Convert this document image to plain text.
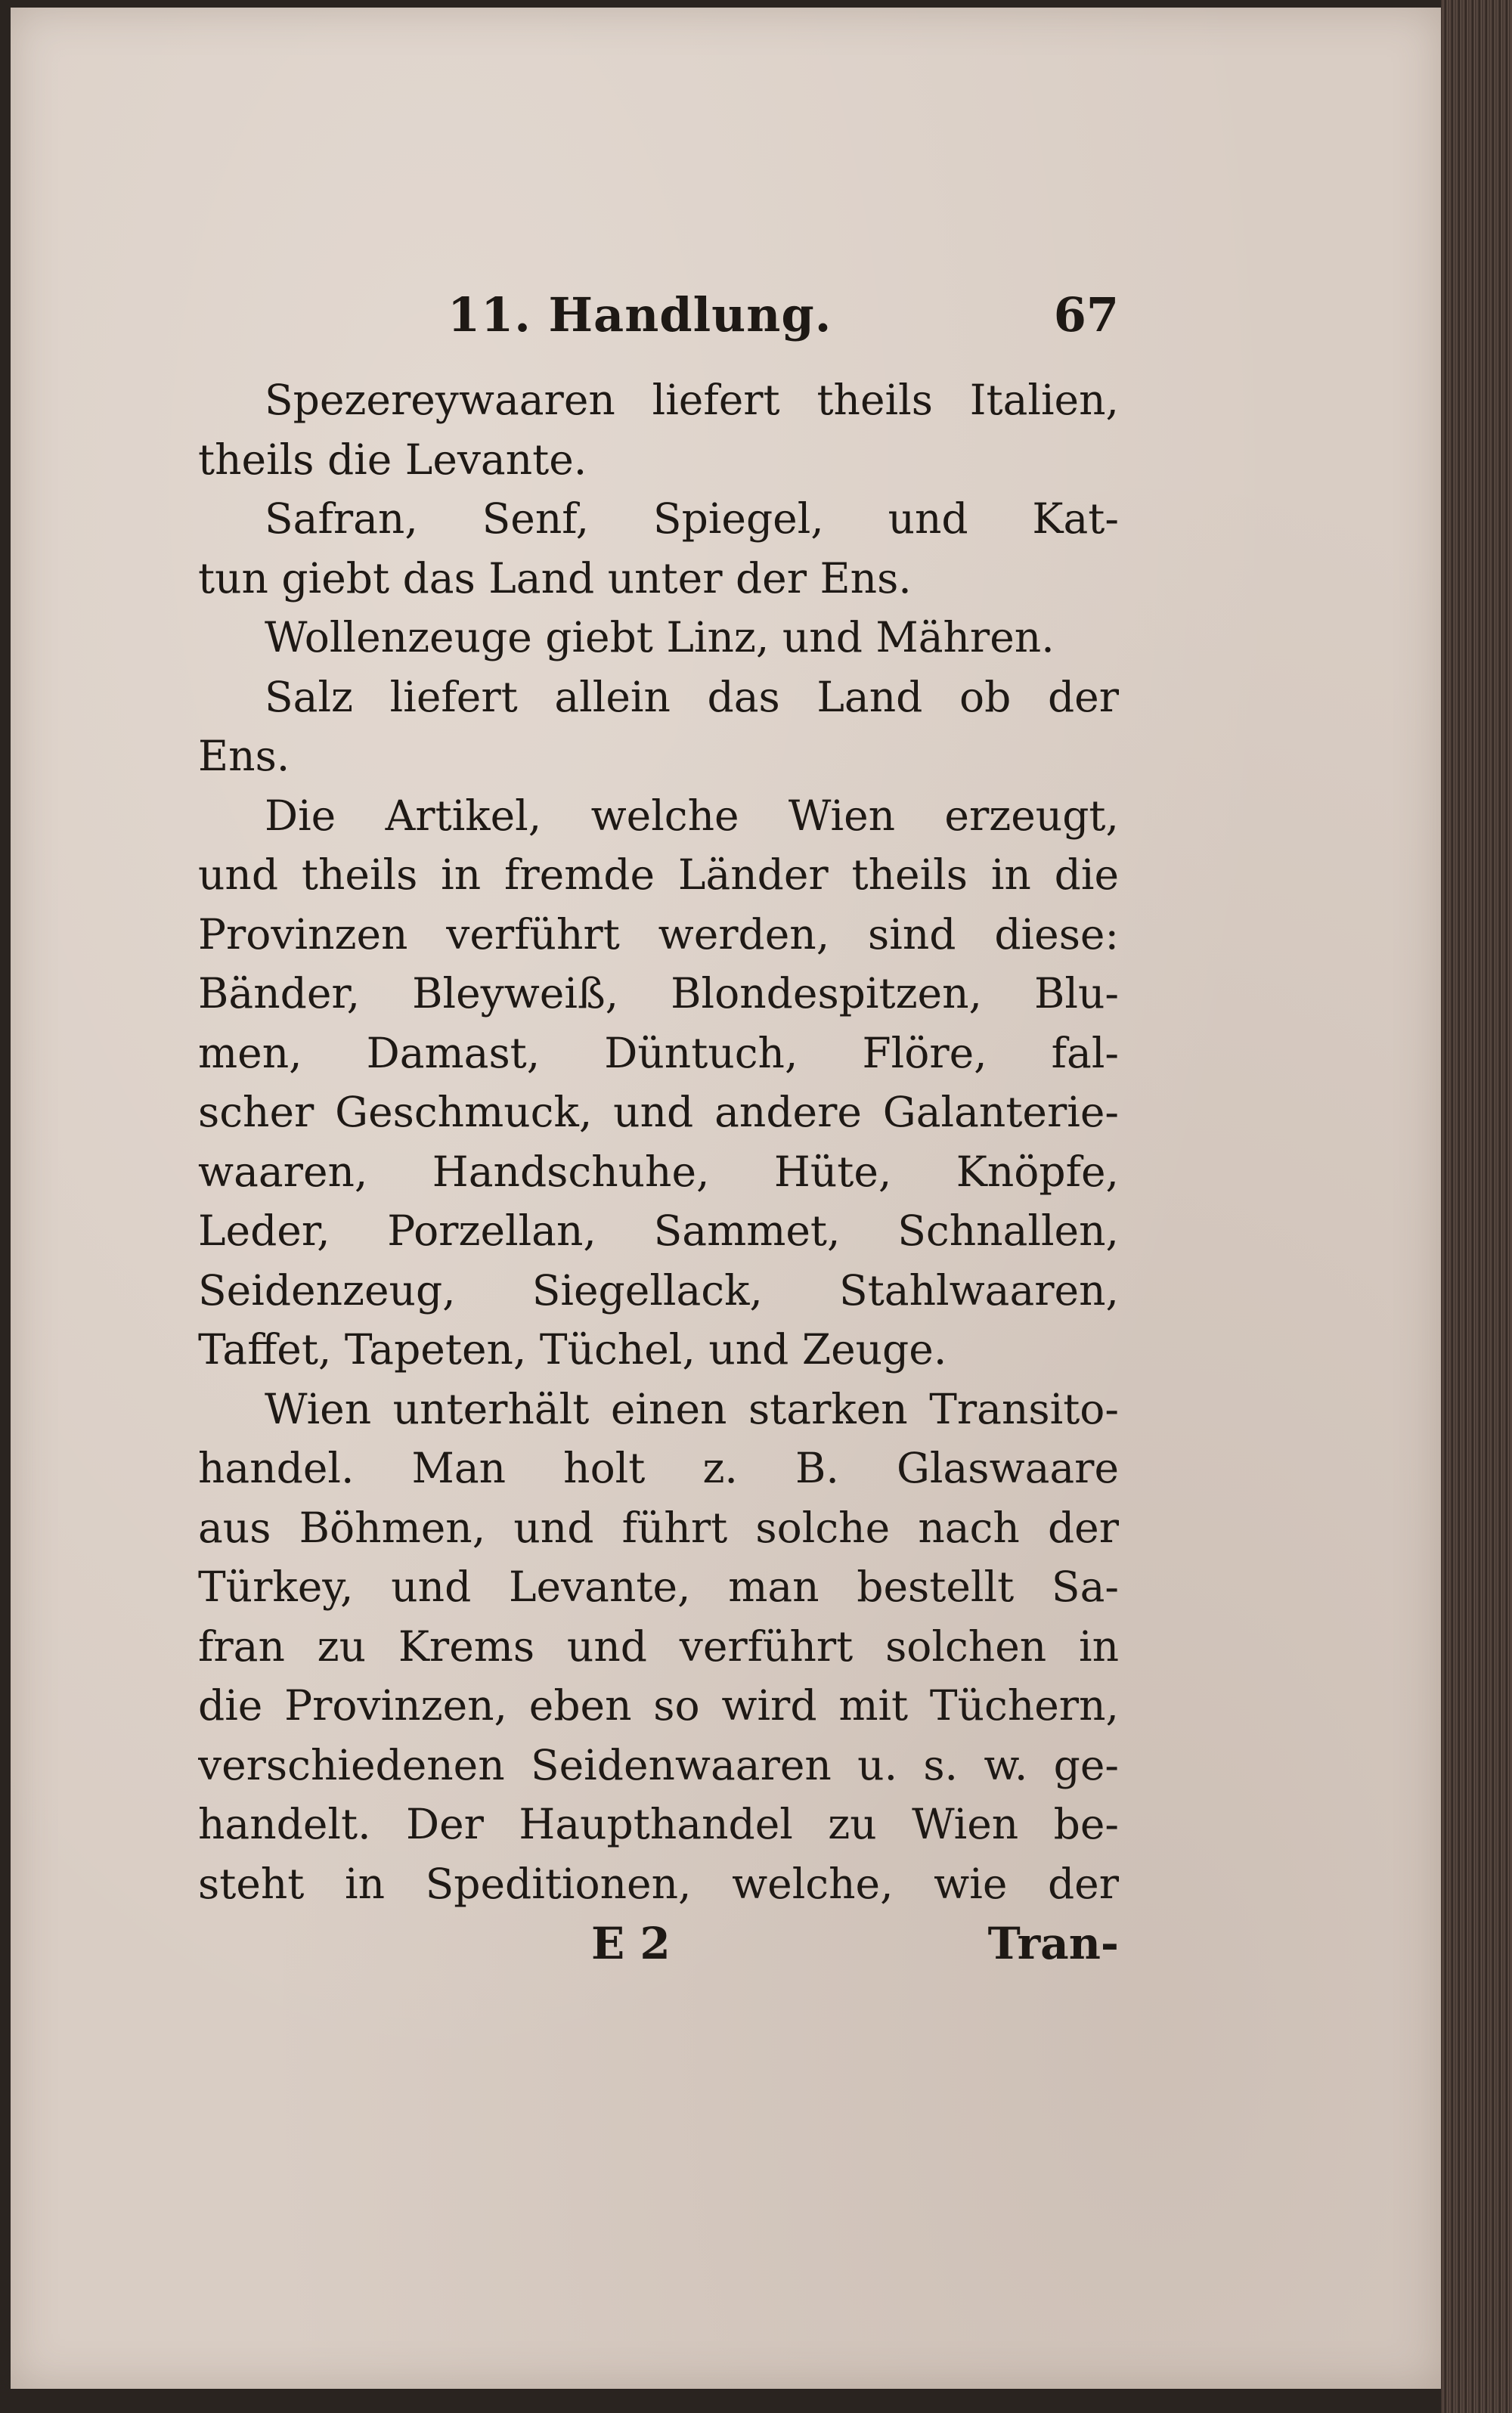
11. Handlung.	67
Spezereywaaren liefert theils Italien,
theils die Levante.
Safran, Senf, Spiegel, und Kat-
tun giebt das Land unter der Ens.
Wollenzeuge giebt Linz, und Mähren.
Salz liefert allein das Land ob der
Ens.
Die Artikel, welche Wien erzeugt,
und theils in fremde Länder theils in die
Provinzen verführt werden, sind diese:
Bänder, Bleyweiß, Blondespitzen, Blu-
men, Damast, Düntuch, Flöre, fal-
scher Geschmuck, und andere Galanterie-
waaren, Handschuhe, Hüte, Knöpfe,
Leder, Porzellan, Sammet, Schnallen,
Seidenzeug, Siegellack, Stahlwaaren,
Taffet, Tapeten, Tüchel, und Zeuge.
Wien unterhält einen starken Transito-
handel. Man holt z. B. Glaswaare
aus Böhmen, und führt solche nach der
Türkey, und Levante, man bestellt Sa-
fran zu Krems und verführt solchen in
die Provinzen, eben so wird mit Tüchern,
verschiedenen Seidenwaaren u. s. w. ge-
handelt. Der Haupthandel zu Wien be-
steht in Speditionen, welche, wie der
E 2	Tran-
